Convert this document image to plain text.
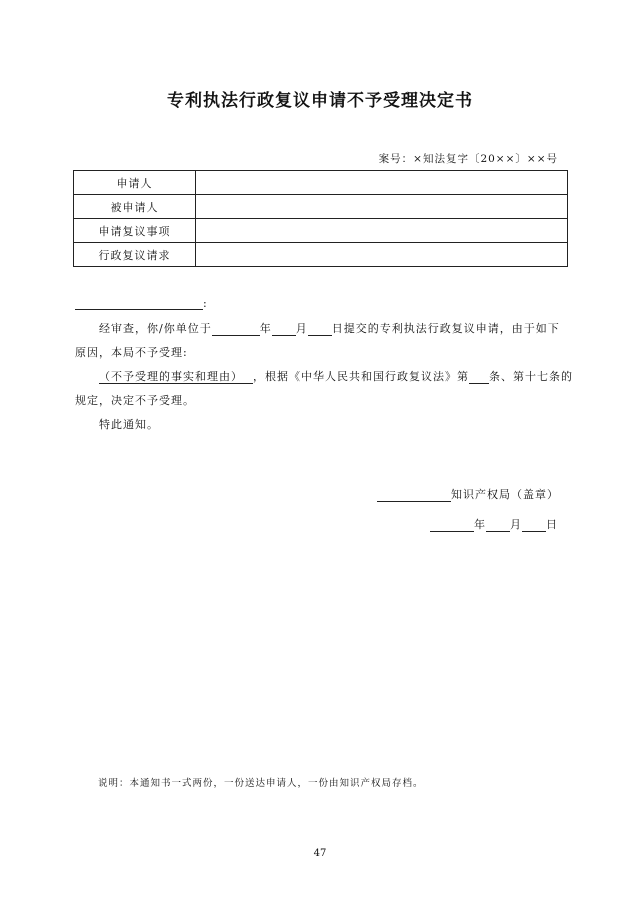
专利执法行政复议申请不予受理决定书
案号：×知法复字〔20××〕××号
申请人	
被申请人	
申请复议事项	
行政复议请求	
:
经审查，你/你单位于	年 月 日提交的专利执法行政复议申请，由于如下
原因，本局不予受理:
（不予受理的事实和理由） ，根据《中华人民共和国行政复议法》第 条、第十七条的
规定，决定不予受理。
特此通知。
知识产权局（盖章）
年 月 日
说明：本通知书一式两份，一份送达申请人，一份由知识产权局存档。
47
